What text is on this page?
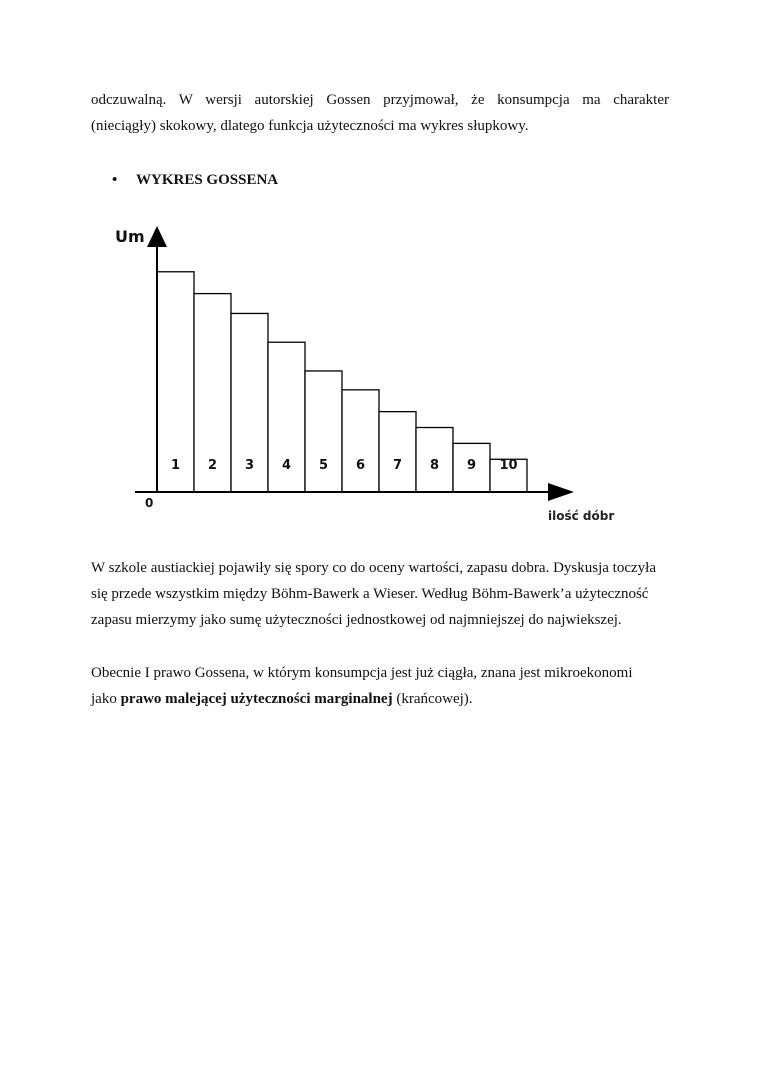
odczuwalną. W wersji autorskiej Gossen przyjmował, że konsumpcja ma charakter
(nieciągły) skokowy, dlatego funkcja użyteczności ma wykres słupkowy.

• WYKRES GOSSENA
1 2 3 4 5 6 7 8 9 10
Um
0
ilość dóbr

W szkole austiackiej pojawiły się spory co do oceny wartości, zapasu dobra. Dyskusja toczyła
się przede wszystkim między Böhm-Bawerk a Wieser. Według Böhm-Bawerk’a użyteczność
zapasu mierzymy jako sumę użyteczności jednostkowej od najmniejszej do najwiekszej.

Obecnie I prawo Gossena, w którym konsumpcja jest już ciągła, znana jest mikroekonomi
jako prawo malejącej użyteczności marginalnej (krańcowej).
